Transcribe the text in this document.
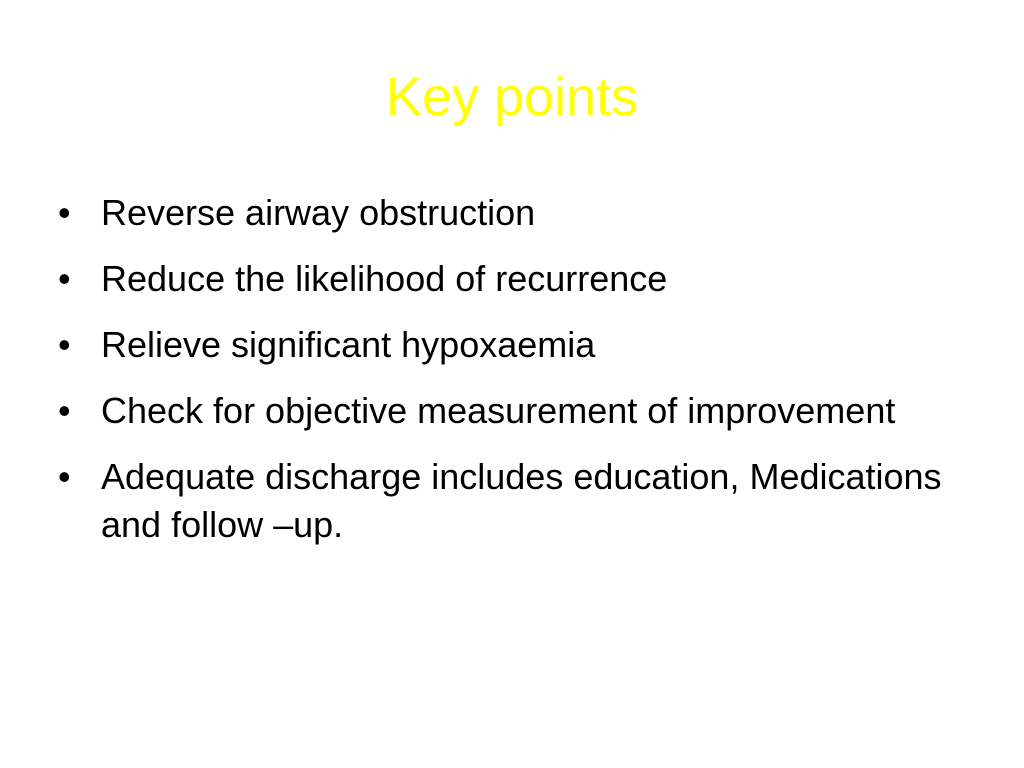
Key points
• Reverse airway obstruction
• Reduce the likelihood of recurrence
• Relieve significant hypoxaemia
• Check for objective measurement of improvement
• Adequate discharge includes education, Medications and follow –up.
